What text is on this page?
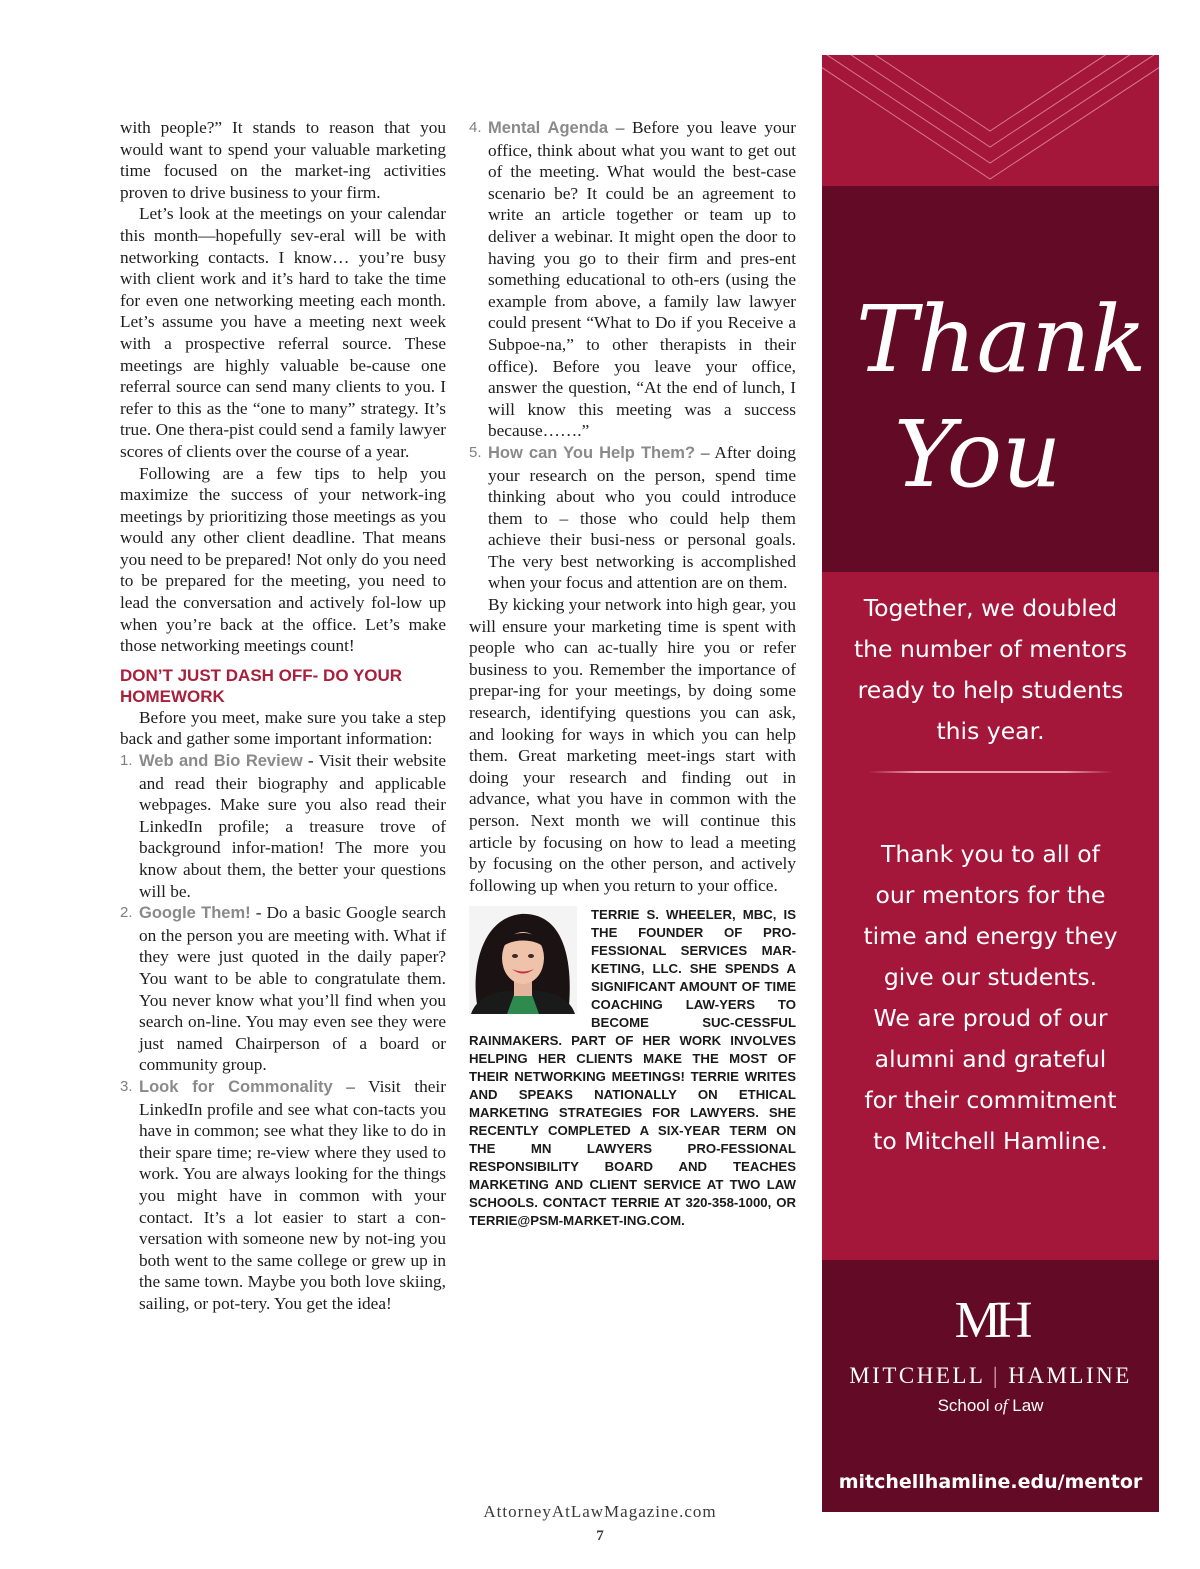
with people?” It stands to reason that you would want to spend your valuable marketing time focused on the market-ing activities proven to drive business to your firm.

Let’s look at the meetings on your calendar this month—hopefully sev-eral will be with networking contacts. I know… you’re busy with client work and it’s hard to take the time for even one networking meeting each month. Let’s assume you have a meeting next week with a prospective referral source. These meetings are highly valuable be-cause one referral source can send many clients to you. I refer to this as the “one to many” strategy. It’s true. One thera-pist could send a family lawyer scores of clients over the course of a year.

Following are a few tips to help you maximize the success of your network-ing meetings by prioritizing those meetings as you would any other client deadline. That means you need to be prepared! Not only do you need to be prepared for the meeting, you need to lead the conversation and actively fol-low up when you’re back at the office. Let’s make those networking meetings count!

DON’T JUST DASH OFF- DO YOUR HOMEWORK

Before you meet, make sure you take a step back and gather some important information:

1. Web and Bio Review - Visit their website and read their biography and applicable webpages. Make sure you also read their LinkedIn profile; a treasure trove of background infor-mation! The more you know about them, the better your questions will be.
2. Google Them! - Do a basic Google search on the person you are meeting with. What if they were just quoted in the daily paper? You want to be able to congratulate them. You never know what you’ll find when you search on-line. You may even see they were just named Chairperson of a board or community group.
3. Look for Commonality – Visit their LinkedIn profile and see what con-tacts you have in common; see what they like to do in their spare time; re-view where they used to work. You are always looking for the things you might have in common with your contact. It’s a lot easier to start a con-versation with someone new by not-ing you both went to the same college or grew up in the same town. Maybe you both love skiing, sailing, or pot-tery. You get the idea!
4. Mental Agenda – Before you leave your office, think about what you want to get out of the meeting. What would the best-case scenario be? It could be an agreement to write an article together or team up to deliver a webinar. It might open the door to having you go to their firm and pres-ent something educational to oth-ers (using the example from above, a family law lawyer could present “What to Do if you Receive a Subpoe-na,” to other therapists in their office). Before you leave your office, answer the question, “At the end of lunch, I will know this meeting was a success because…….”
5. How can You Help Them? – After doing your research on the person, spend time thinking about who you could introduce them to – those who could help them achieve their busi-ness or personal goals. The very best networking is accomplished when your focus and attention are on them.

By kicking your network into high gear, you will ensure your marketing time is spent with people who can ac-tually hire you or refer business to you. Remember the importance of prepar-ing for your meetings, by doing some research, identifying questions you can ask, and looking for ways in which you can help them. Great marketing meet-ings start with doing your research and finding out in advance, what you have in common with the person. Next month we will continue this article by focusing on how to lead a meeting by focusing on the other person, and actively following up when you return to your office.

TERRIE S. WHEELER, MBC, IS THE FOUNDER OF PRO-FESSIONAL SERVICES MAR-KETING, LLC. SHE SPENDS A SIGNIFICANT AMOUNT OF TIME COACHING LAW-YERS TO BECOME SUC-CESSFUL RAINMAKERS. PART OF HER WORK INVOLVES HELPING HER CLIENTS MAKE THE MOST OF THEIR NETWORKING MEETINGS! TERRIE WRITES AND SPEAKS NATIONALLY ON ETHICAL MARKETING STRATEGIES FOR LAWYERS. SHE RECENTLY COMPLETED A SIX-YEAR TERM ON THE MN LAWYERS PRO-FESSIONAL RESPONSIBILITY BOARD AND TEACHES MARKETING AND CLIENT SERVICE AT TWO LAW SCHOOLS. CONTACT TERRIE AT 320-358-1000, OR TERRIE@PSM-MARKET-ING.COM.
AttorneyAtLawMagazine.com
7
Thank
You
Together, we doubled
the number of mentors
ready to help students
this year.
Thank you to all of
our mentors for the
time and energy they
give our students.
We are proud of our
alumni and grateful
for their commitment
to Mitchell Hamline.
MH
MITCHELL | HAMLINE
School of Law
mitchellhamline.edu/mentor
